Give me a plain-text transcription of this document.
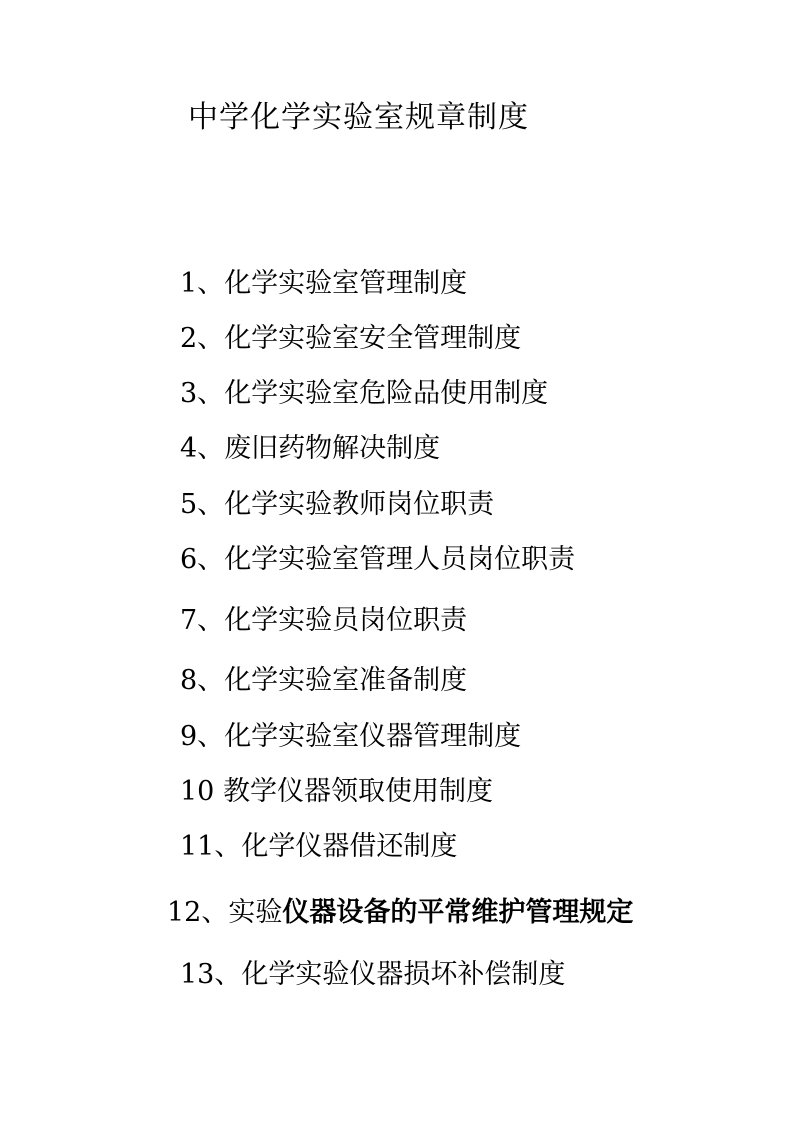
中学化学实验室规章制度
1、化学实验室管理制度
2、化学实验室安全管理制度
3、化学实验室危险品使用制度
4、废旧药物解决制度
5、化学实验教师岗位职责
6、化学实验室管理人员岗位职责
7、化学实验员岗位职责
8、化学实验室准备制度
9、化学实验室仪器管理制度
10 教学仪器领取使用制度
11、化学仪器借还制度
12、实验仪器设备的平常维护管理规定
13、化学实验仪器损坏补偿制度
